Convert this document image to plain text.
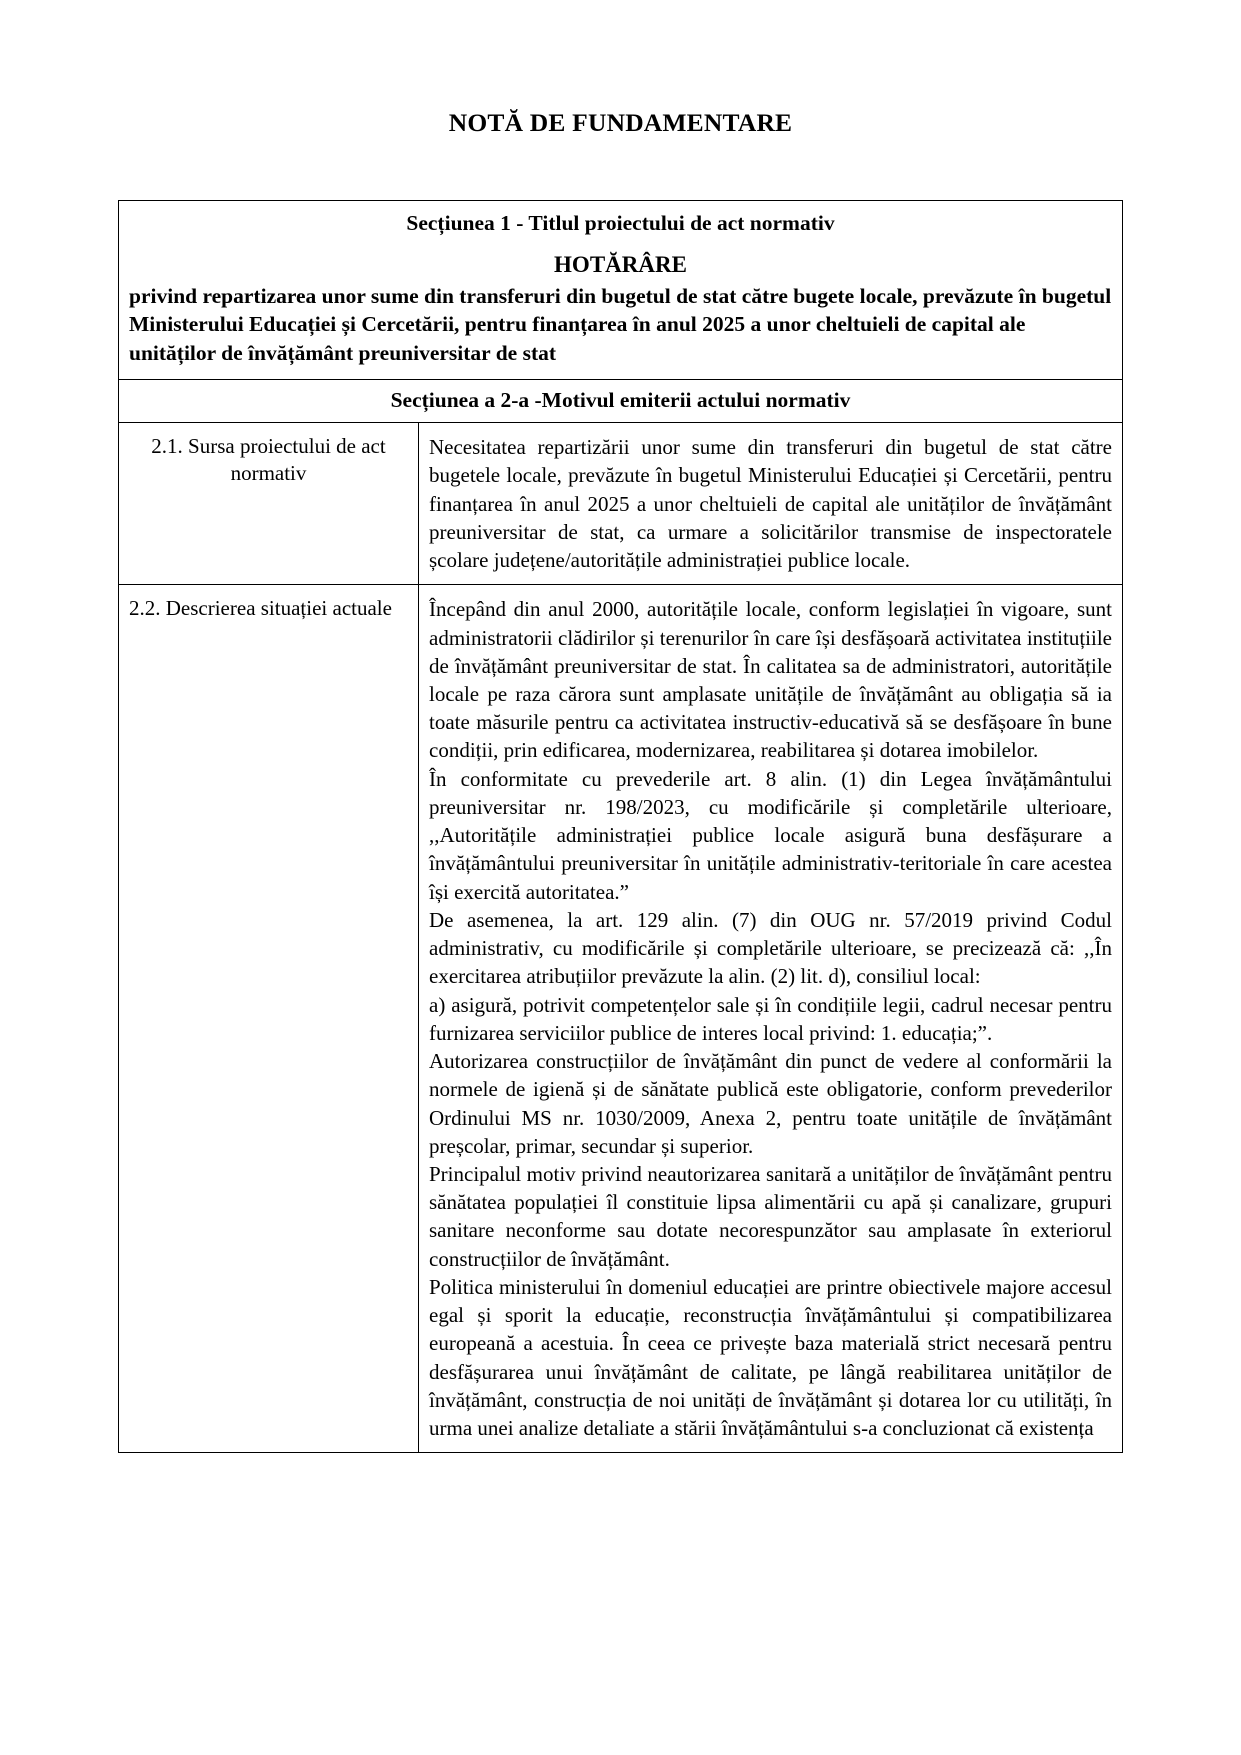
NOTĂ DE FUNDAMENTARE
Secțiunea 1 - Titlul proiectului de act normativ
HOTĂRÂRE
privind repartizarea unor sume din transferuri din bugetul de stat către bugete locale, prevăzute în bugetul Ministerului Educației și Cercetării, pentru finanțarea în anul 2025 a unor cheltuieli de capital ale unităților de învățământ preuniversitar de stat	

Secțiunea a 2-a -Motivul emiterii actului normativ	
2.1. Sursa proiectului de act normativ	Necesitatea repartizării unor sume din transferuri din bugetul de stat către bugetele locale, prevăzute în bugetul Ministerului Educației și Cercetării, pentru finanțarea în anul 2025 a unor cheltuieli de capital ale unităților de învățământ preuniversitar de stat, ca urmare a solicitărilor transmise de inspectoratele școlare județene/autoritățile administrației publice locale.
2.2. Descrierea situației actuale	Începând din anul 2000, autoritățile locale, conform legislației în vigoare, sunt administratorii clădirilor și terenurilor în care își desfășoară activitatea instituțiile de învățământ preuniversitar de stat. În calitatea sa de administratori, autoritățile locale pe raza cărora sunt amplasate unitățile de învățământ au obligația să ia toate măsurile pentru ca activitatea instructiv-educativă să se desfășoare în bune condiții, prin edificarea, modernizarea, reabilitarea și dotarea imobilelor.

În conformitate cu prevederile art. 8 alin. (1) din Legea învățământului preuniversitar nr. 198/2023, cu modificările și completările ulterioare, ,,Autoritățile administrației publice locale asigură buna desfășurare a învățământului preuniversitar în unitățile administrativ-teritoriale în care acestea își exercită autoritatea.”

De asemenea, la art. 129 alin. (7) din OUG nr. 57/2019 privind Codul administrativ, cu modificările și completările ulterioare, se precizează că: ,,În exercitarea atribuțiilor prevăzute la alin. (2) lit. d), consiliul local:

a) asigură, potrivit competențelor sale și în condițiile legii, cadrul necesar pentru furnizarea serviciilor publice de interes local privind: 1. educația;”.

Autorizarea construcțiilor de învățământ din punct de vedere al conformării la normele de igienă și de sănătate publică este obligatorie, conform prevederilor Ordinului MS nr. 1030/2009, Anexa 2, pentru toate unitățile de învățământ preșcolar, primar, secundar și superior.

Principalul motiv privind neautorizarea sanitară a unităților de învățământ pentru sănătatea populației îl constituie lipsa alimentării cu apă și canalizare, grupuri sanitare neconforme sau dotate necorespunzător sau amplasate în exteriorul construcțiilor de învățământ.

Politica ministerului în domeniul educației are printre obiectivele majore accesul egal și sporit la educație, reconstrucția învățământului și compatibilizarea europeană a acestuia. În ceea ce privește baza materială strict necesară pentru desfășurarea unui învățământ de calitate, pe lângă reabilitarea unităților de învățământ, construcția de noi unități de învățământ și dotarea lor cu utilități, în urma unei analize detaliate a stării învățământului s-a concluzionat că existența
